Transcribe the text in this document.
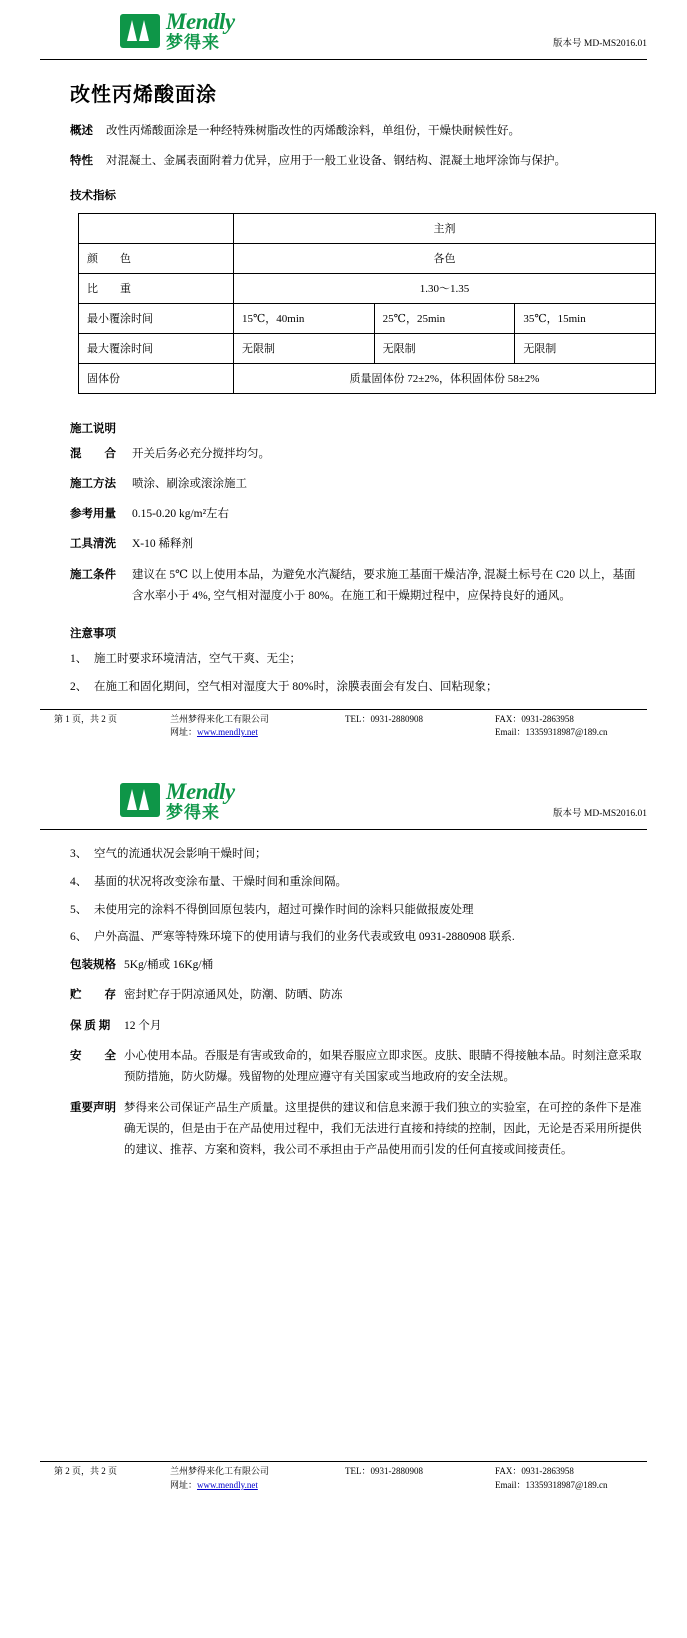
Mendly
梦得来	版本号 MD-MS2016.01
改性丙烯酸面涂
概述	改性丙烯酸面涂是一种经特殊树脂改性的丙烯酸涂料，单组份，干燥快耐候性好。
特性	对混凝土、金属表面附着力优异，应用于一般工业设备、钢结构、混凝土地坪涂饰与保护。
技术指标
	主剂		
颜　　色	各色		
比　　重	1.30～1.35		
最小覆涂时间	15℃，40min	25℃，25min	35℃，15min
最大覆涂时间	无限制	无限制	无限制
固体份	质量固体份 72±2%，体积固体份 58±2%		
施工说明
混　　合	开关后务必充分搅拌均匀。
施工方法	喷涂、刷涂或滚涂施工
参考用量	0.15-0.20 kg/m²左右
工具清洗	X-10 稀释剂
施工条件	建议在 5℃ 以上使用本品，为避免水汽凝结，要求施工基面干燥洁净, 混凝土标号在 C20 以上，基面含水率小于 4%, 空气相对湿度小于 80%。在施工和干燥期过程中，应保持良好的通风。
注意事项
1、 施工时要求环境清洁，空气干爽、无尘；
2、 在施工和固化期间，空气相对湿度大于 80%时，涂膜表面会有发白、回粘现象；
第 1 页，共 2 页	兰州梦得来化工有限公司	TEL：0931-2880908	FAX：0931-2863958
网址：www.mendly.net	Email：13359318987@189.cn
Mendly
梦得来	版本号 MD-MS2016.01
3、 空气的流通状况会影响干燥时间；
4、 基面的状况将改变涂布量、干燥时间和重涂间隔。
5、 未使用完的涂料不得倒回原包装内，超过可操作时间的涂料只能做报废处理
6、 户外高温、严寒等特殊环境下的使用请与我们的业务代表或致电 0931-2880908 联系.
包装规格 5Kg/桶或 16Kg/桶
贮　　存 密封贮存于阴凉通风处，防潮、防晒、防冻
保 质 期	12 个月
安　　全 小心使用本品。吞服是有害或致命的，如果吞服应立即求医。皮肤、眼睛不得接触本品。时刻注意采取预防措施，防火防爆。残留物的处理应遵守有关国家或当地政府的安全法规。
重要声明 梦得来公司保证产品生产质量。这里提供的建议和信息来源于我们独立的实验室，在可控的条件下是准确无误的，但是由于在产品使用过程中，我们无法进行直接和持续的控制，因此，无论是否采用所提供的建议、推荐、方案和资料，我公司不承担由于产品使用而引发的任何直接或间接责任。
第 2 页，共 2 页	兰州梦得来化工有限公司	TEL：0931-2880908	FAX：0931-2863958
网址：www.mendly.net	Email：13359318987@189.cn
